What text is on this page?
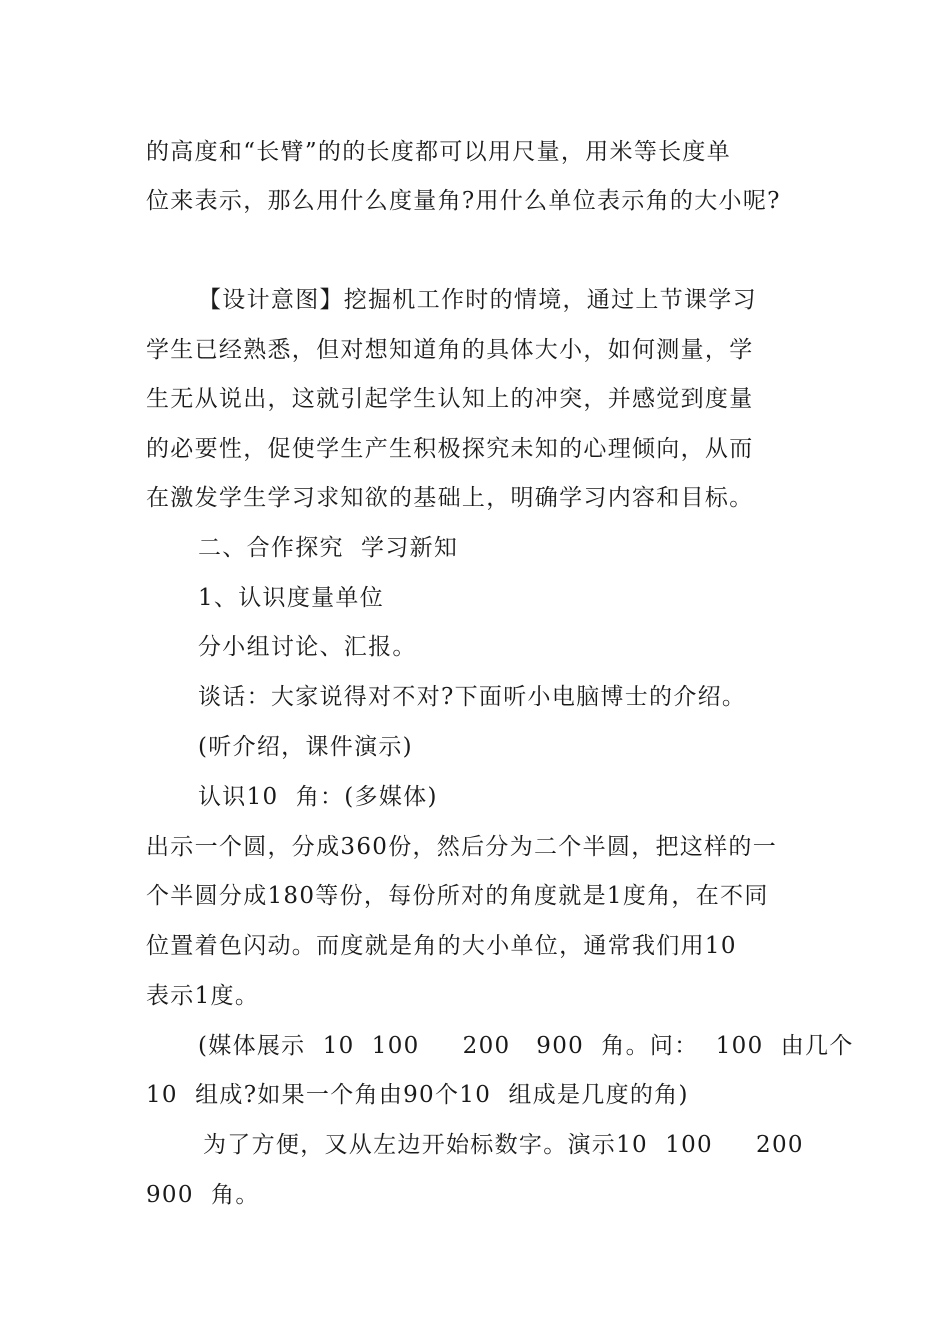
的高度和“长臂”的的长度都可以用尺量，用米等长度单
位来表示，那么用什么度量角?用什么单位表示角的大小呢?
【设计意图】挖掘机工作时的情境，通过上节课学习
学生已经熟悉，但对想知道角的具体大小，如何测量，学
生无从说出，这就引起学生认知上的冲突，并感觉到度量
的必要性，促使学生产生积极探究未知的心理倾向，从而
在激发学生学习求知欲的基础上，明确学习内容和目标。
二、合作探究  学习新知
1、认识度量单位
分小组讨论、汇报。
谈话：大家说得对不对?下面听小电脑博士的介绍。
(听介绍，课件演示)
认识10  角：(多媒体)
出示一个圆，分成360份，然后分为二个半圆，把这样的一
个半圆分成180等份，每份所对的角度就是1度角，在不同
位置着色闪动。而度就是角的大小单位，通常我们用10
表示1度。
(媒体展示  10  100     200   900  角。问：  100  由几个
10  组成?如果一个角由90个10  组成是几度的角)
为了方便，又从左边开始标数字。演示10  100     200
900  角。
